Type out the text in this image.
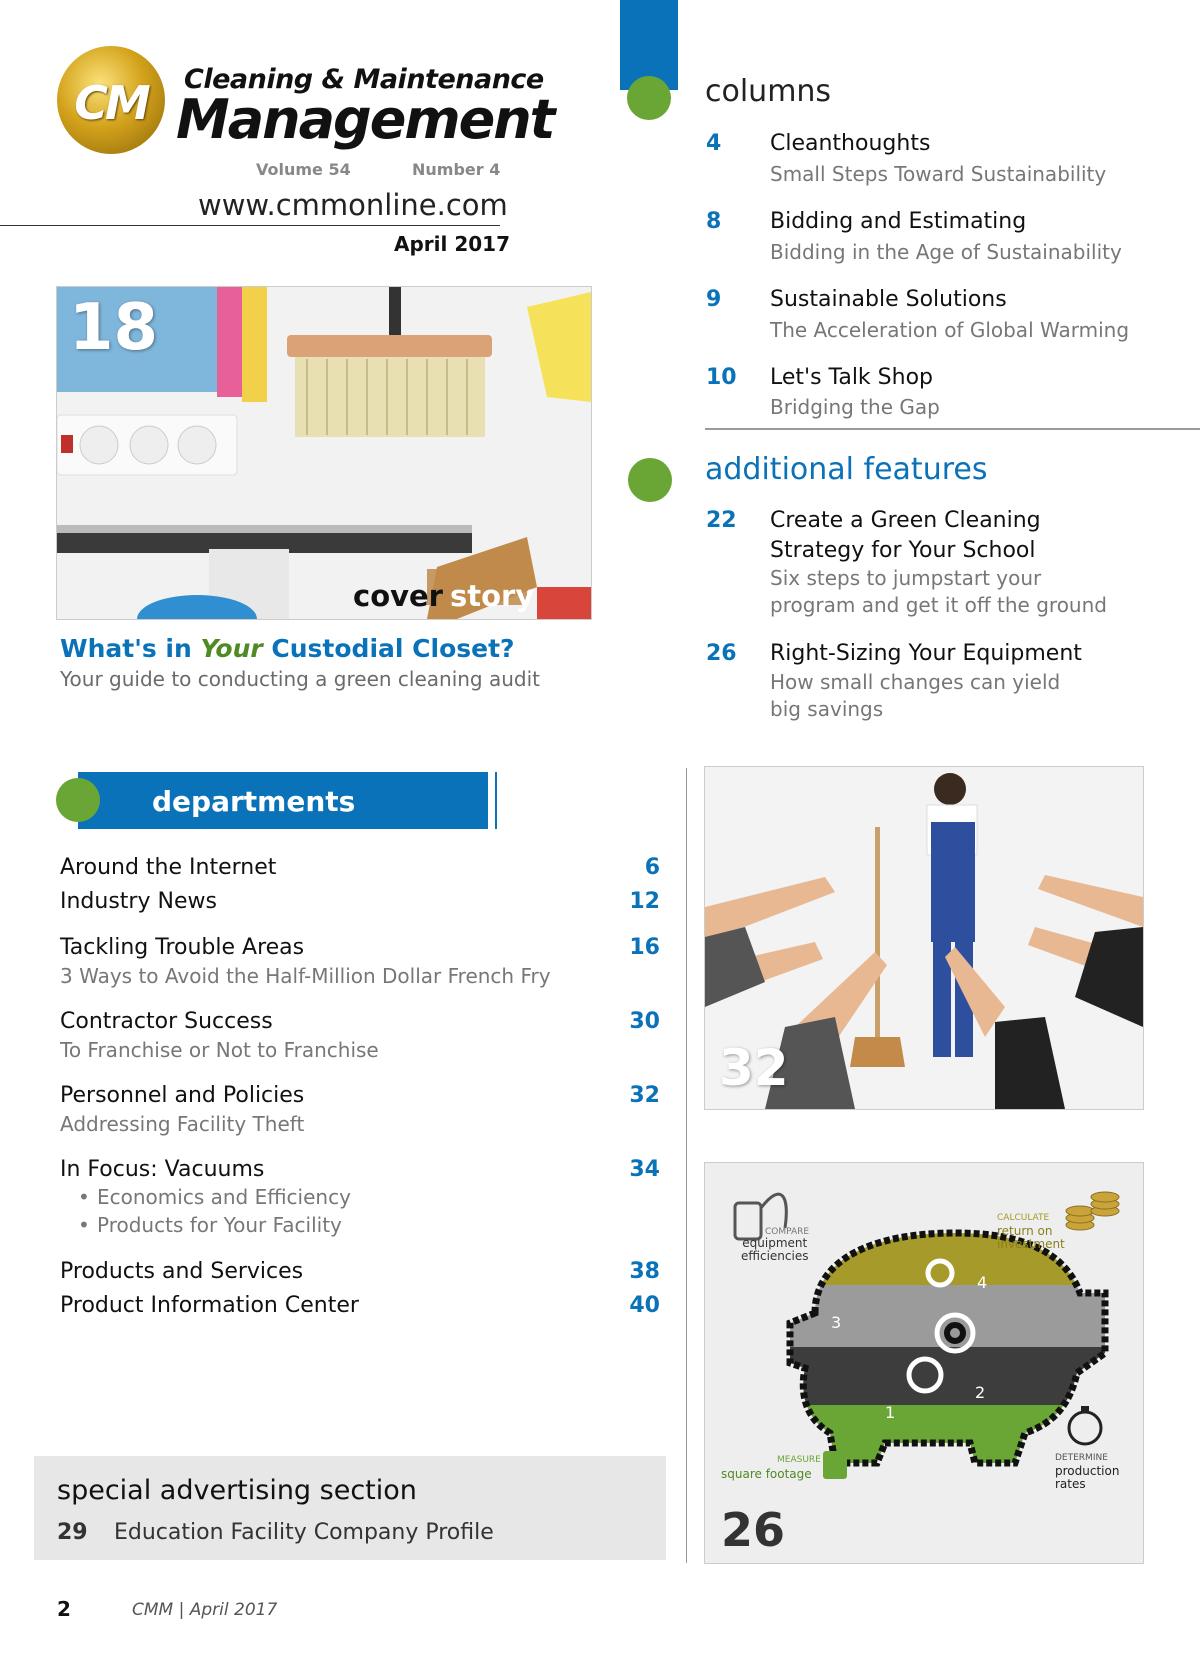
CM	Cleaning & Maintenance
Management
Volume 54	Number 4
www.cmmonline.com
April 2017
18
cover story
What's in Your Custodial Closet?
Your guide to conducting a green cleaning audit
columns
4 Cleanthoughts
Small Steps Toward Sustainability
8 Bidding and Estimating
Bidding in the Age of Sustainability
9 Sustainable Solutions
The Acceleration of Global Warming
10 Let's Talk Shop
Bridging the Gap
additional features
22 Create a Green Cleaning
Strategy for Your School
Six steps to jumpstart your
program and get it off the ground
26 Right-Sizing Your Equipment
How small changes can yield
big savings
departments
Around the Internet	6
Industry News	12
Tackling Trouble Areas	16
3 Ways to Avoid the Half-Million Dollar French Fry
Contractor Success	30
To Franchise or Not to Franchise
Personnel and Policies	32
Addressing Facility Theft
In Focus: Vacuums	34
• Economics and Efficiency
• Products for Your Facility
Products and Services	38
Product Information Center	40
special advertising section
29 Education Facility Company Profile
32
COMPARE
equipment
efficiencies
CALCULATE
return on
investment
MEASURE
square footage
DETERMINE
production
rates
1
2
3
4
26
2	CMM | April 2017
